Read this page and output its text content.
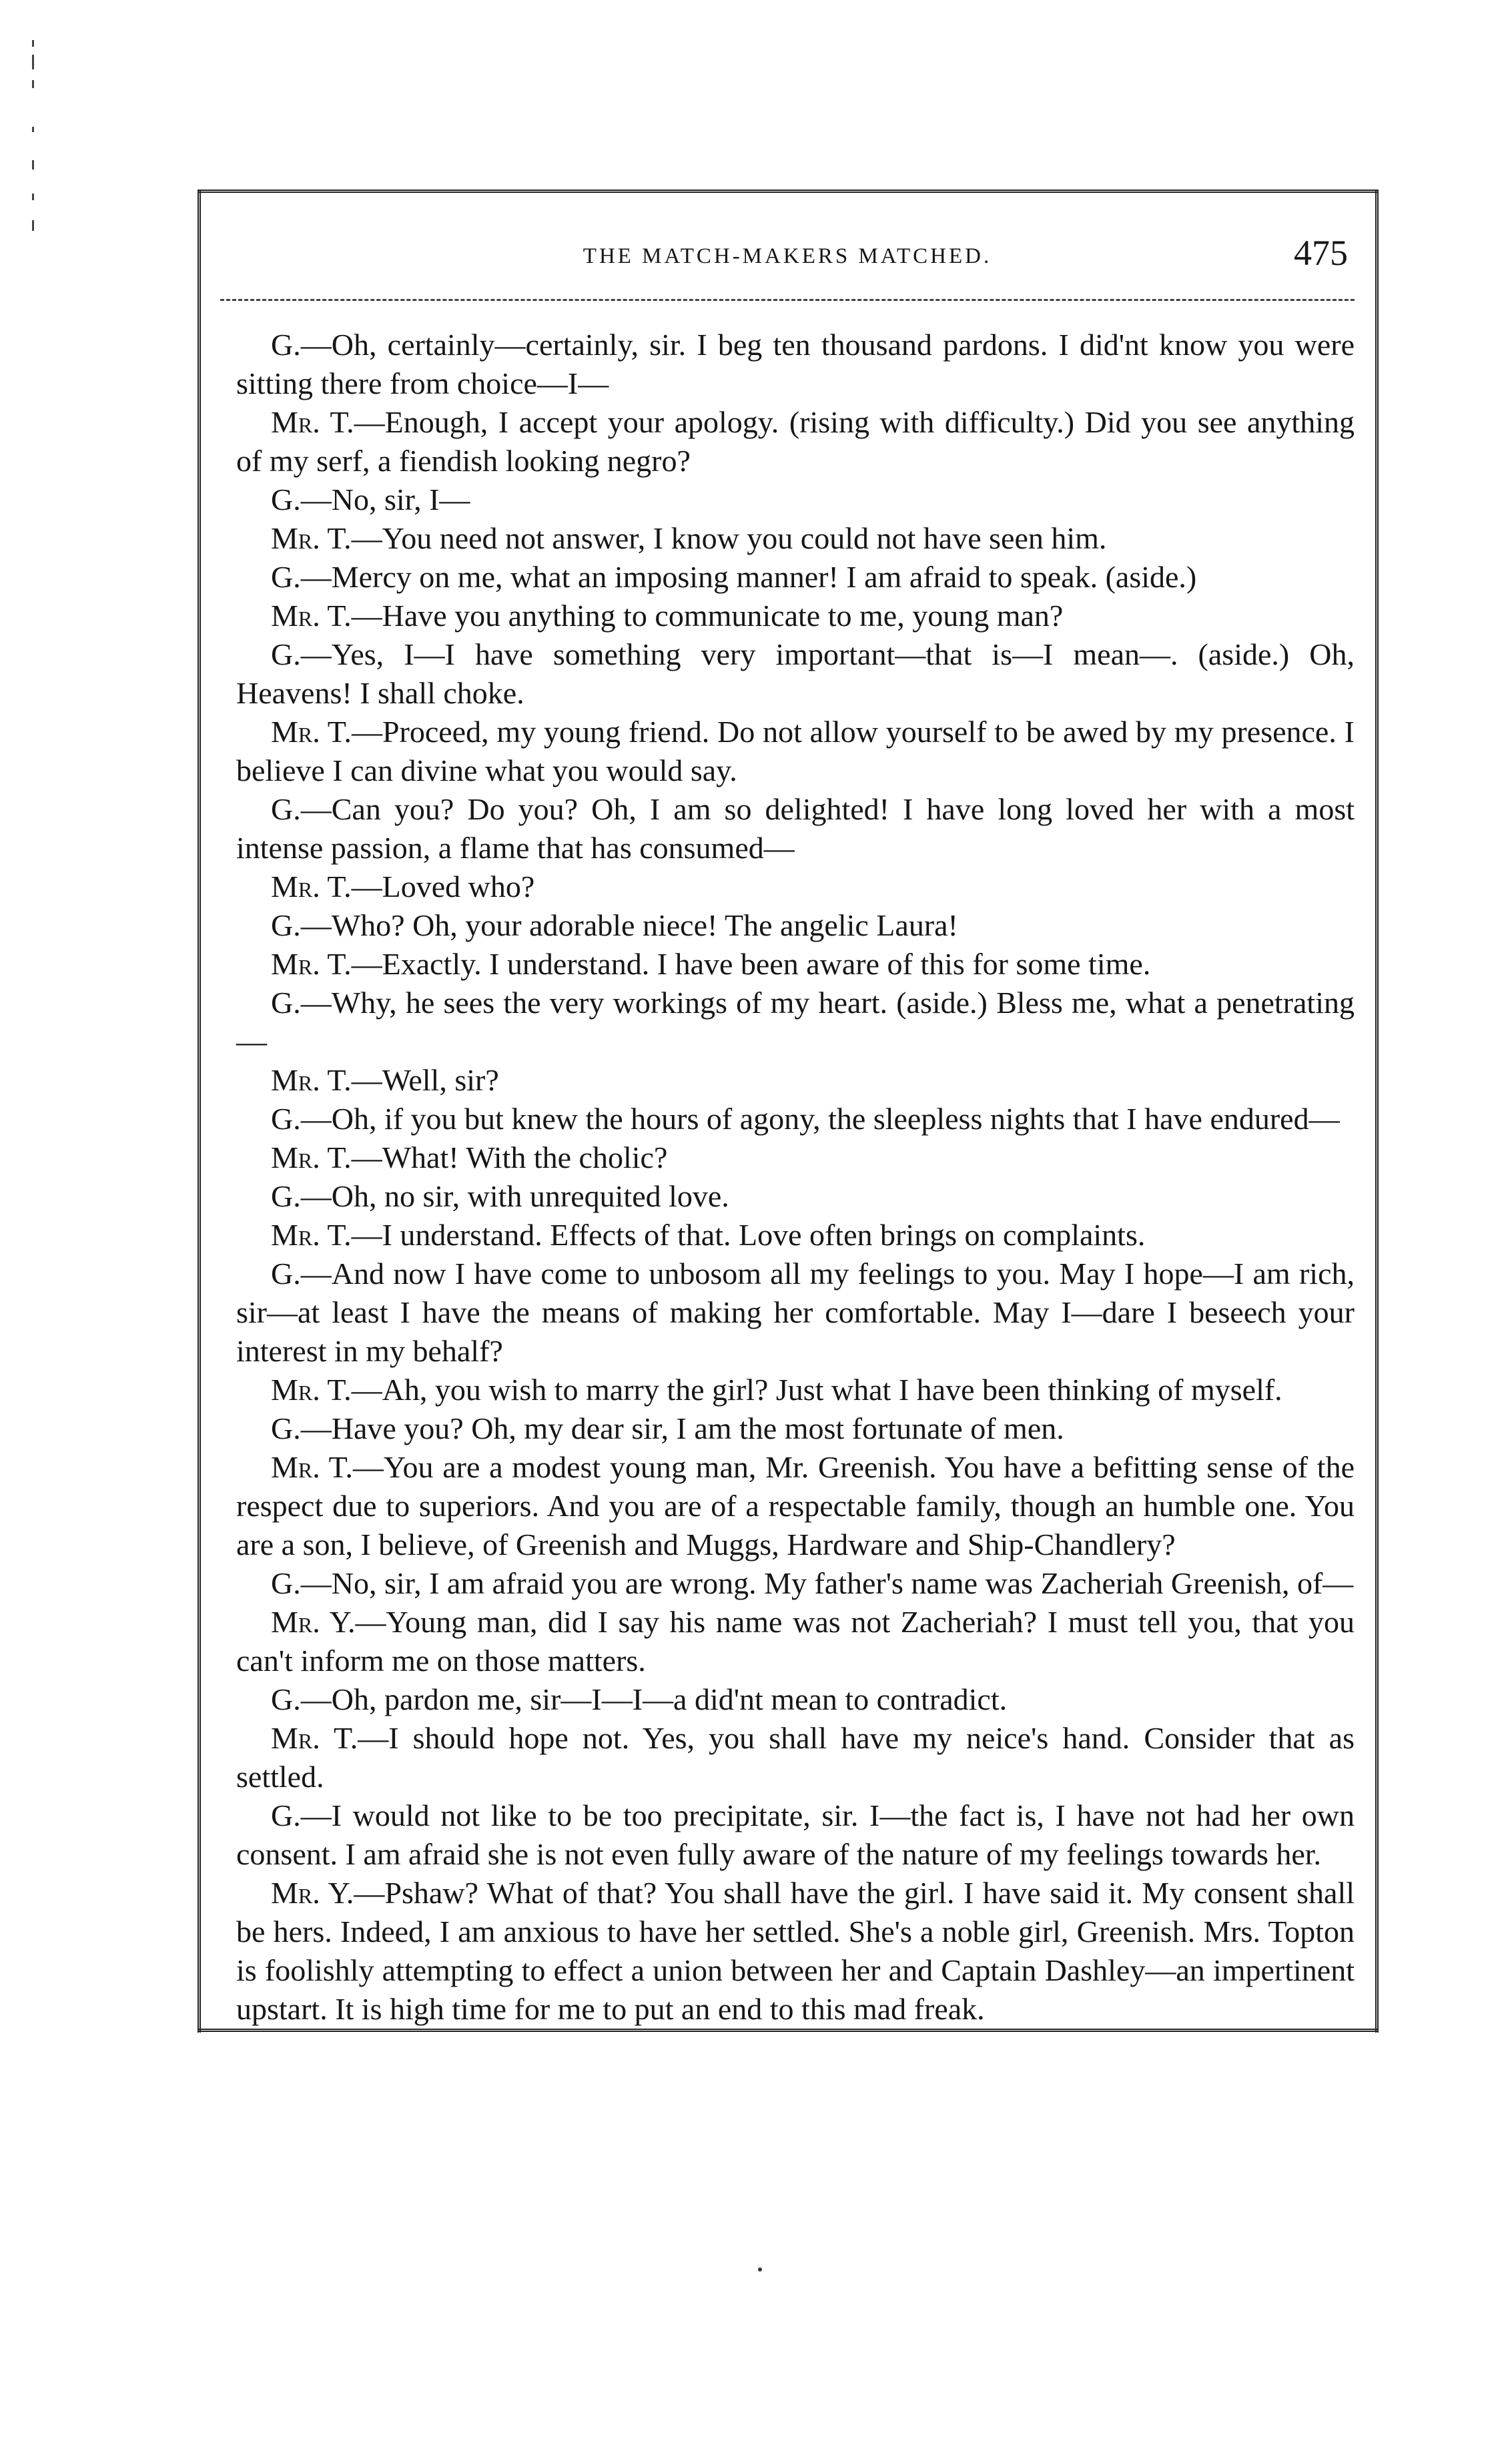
THE MATCH-MAKERS MATCHED.	475

G.—Oh, certainly—certainly, sir. I beg ten thousand pardons. I did'nt know you were sitting there from choice—I—

Mr. T.—Enough, I accept your apology. (rising with difficulty.) Did you see anything of my serf, a fiendish looking negro?

G.—No, sir, I—

Mr. T.—You need not answer, I know you could not have seen him.

G.—Mercy on me, what an imposing manner! I am afraid to speak. (aside.)

Mr. T.—Have you anything to communicate to me, young man?

G.—Yes, I—I have something very important—that is—I mean—. (aside.) Oh, Heavens! I shall choke.

Mr. T.—Proceed, my young friend. Do not allow yourself to be awed by my presence. I believe I can divine what you would say.

G.—Can you? Do you? Oh, I am so delighted! I have long loved her with a most intense passion, a flame that has consumed—

Mr. T.—Loved who?

G.—Who? Oh, your adorable niece! The angelic Laura!

Mr. T.—Exactly. I understand. I have been aware of this for some time.

G.—Why, he sees the very workings of my heart. (aside.) Bless me, what a penetrating—

Mr. T.—Well, sir?

G.—Oh, if you but knew the hours of agony, the sleepless nights that I have endured—

Mr. T.—What! With the cholic?

G.—Oh, no sir, with unrequited love.

Mr. T.—I understand. Effects of that. Love often brings on complaints.

G.—And now I have come to unbosom all my feelings to you. May I hope—I am rich, sir—at least I have the means of making her comfortable. May I—dare I beseech your interest in my behalf?

Mr. T.—Ah, you wish to marry the girl? Just what I have been thinking of myself.

G.—Have you? Oh, my dear sir, I am the most fortunate of men.

Mr. T.—You are a modest young man, Mr. Greenish. You have a befitting sense of the respect due to superiors. And you are of a respectable family, though an humble one. You are a son, I believe, of Greenish and Muggs, Hardware and Ship-Chandlery?

G.—No, sir, I am afraid you are wrong. My father's name was Zacheriah Greenish, of—

Mr. Y.—Young man, did I say his name was not Zacheriah? I must tell you, that you can't inform me on those matters.

G.—Oh, pardon me, sir—I—I—a did'nt mean to contradict.

Mr. T.—I should hope not. Yes, you shall have my neice's hand. Consider that as settled.

G.—I would not like to be too precipitate, sir. I—the fact is, I have not had her own consent. I am afraid she is not even fully aware of the nature of my feelings towards her.

Mr. Y.—Pshaw? What of that? You shall have the girl. I have said it. My consent shall be hers. Indeed, I am anxious to have her settled. She's a noble girl, Greenish. Mrs. Topton is foolishly attempting to effect a union between her and Captain Dashley—an impertinent upstart. It is high time for me to put an end to this mad freak.
